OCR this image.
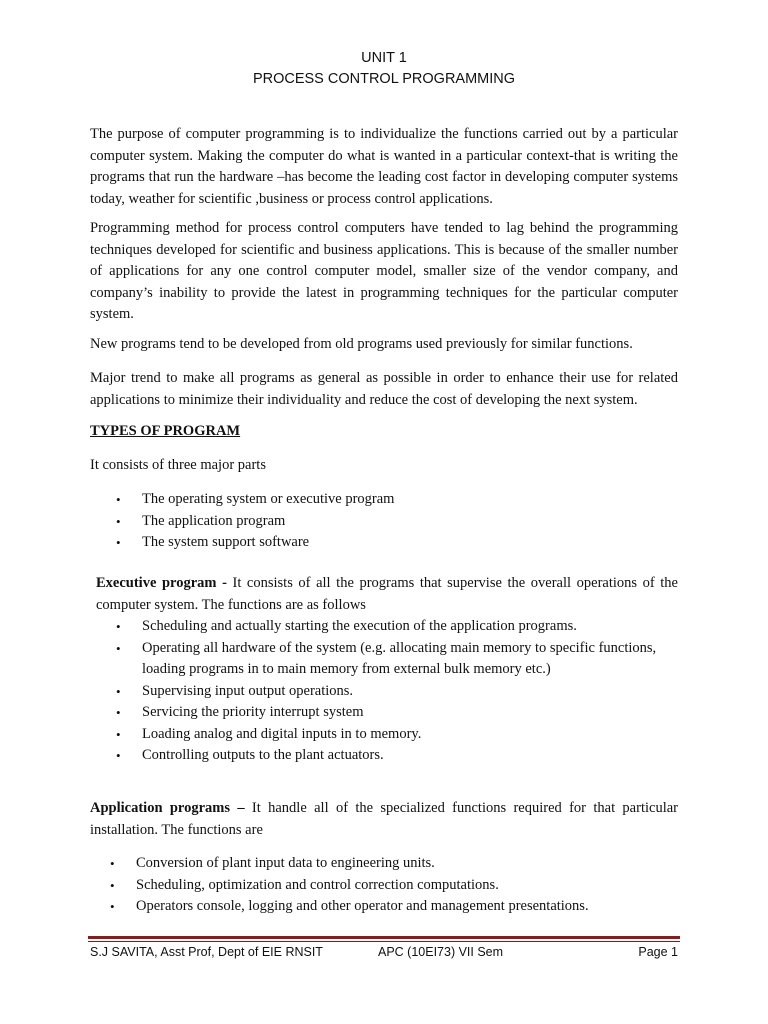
UNIT 1
PROCESS CONTROL PROGRAMMING

The purpose of computer programming is to individualize the functions carried out by a particular computer system. Making the computer do what is wanted in a particular context-that is writing the programs that run the hardware –has become the leading cost factor in developing computer systems today, weather for scientific ,business or process control applications.

Programming method for process control computers have tended to lag behind the programming techniques developed for scientific and business applications. This is because of the smaller number of applications for any one control computer model, smaller size of the vendor company, and company’s inability to provide the latest in programming techniques for the particular computer system.

New programs tend to be developed from old programs used previously for similar functions.

Major trend to make all programs as general as possible in order to enhance their use for related applications to minimize their individuality and reduce the cost of developing the next system.

TYPES OF PROGRAM

It consists of three major parts

• The operating system or executive program
• The application program
• The system support software

Executive program - It consists of all the programs that supervise the overall operations of the computer system. The functions are as follows

• Scheduling and actually starting the execution of the application programs.
• Operating all hardware of the system (e.g. allocating main memory to specific functions, loading programs in to main memory from external bulk memory etc.)
• Supervising input output operations.
• Servicing the priority interrupt system
• Loading analog and digital inputs in to memory.
• Controlling outputs to the plant actuators.

Application programs – It handle all of the specialized functions required for that particular installation. The functions are

• Conversion of plant input data to engineering units.
• Scheduling, optimization and control correction computations.
• Operators console, logging and other operator and management presentations.
S.J SAVITA, Asst Prof, Dept of EIE RNSIT	APC (10EI73) VII Sem	Page 1
